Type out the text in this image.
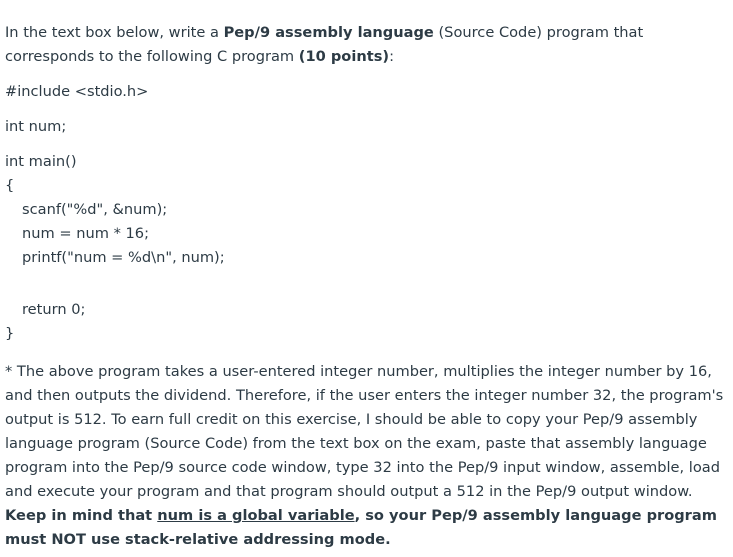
In the text box below, write a Pep/9 assembly language (Source Code) program that corresponds to the following C program (10 points):

#include <stdio.h>

int num;

int main()

{

scanf("%d", &num);

num = num * 16;

printf("num = %d\n", num);

return 0;

}

* The above program takes a user-entered integer number, multiplies the integer number by 16, and then outputs the dividend. Therefore, if the user enters the integer number 32, the program's output is 512. To earn full credit on this exercise, I should be able to copy your Pep/9 assembly language program (Source Code) from the text box on the exam, paste that assembly language program into the Pep/9 source code window, type 32 into the Pep/9 input window, assemble, load and execute your program and that program should output a 512 in the Pep/9 output window. Keep in mind that num is a global variable, so your Pep/9 assembly language program must NOT use stack-relative addressing mode.
